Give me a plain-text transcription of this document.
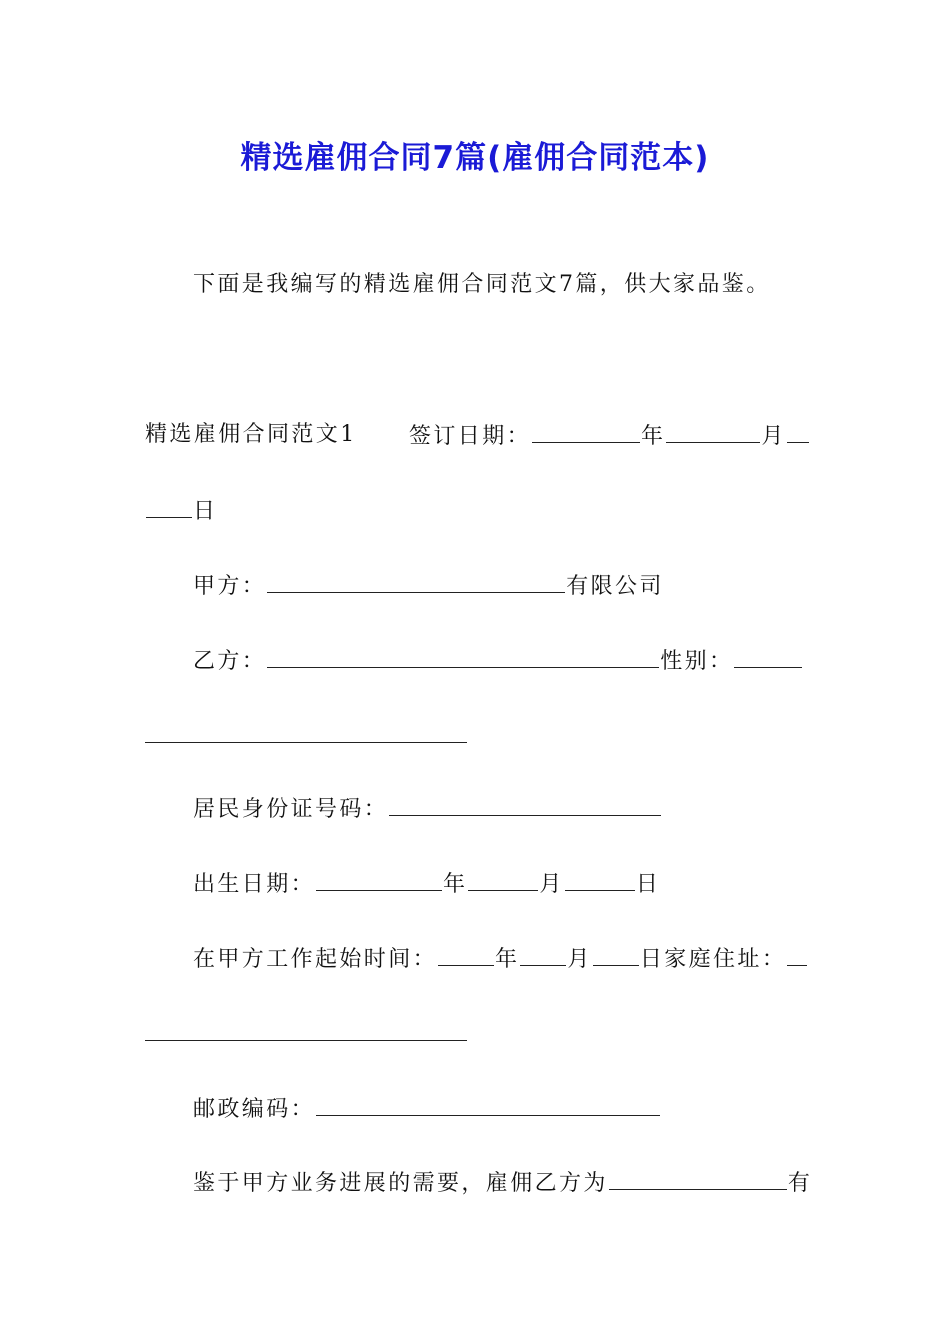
精选雇佣合同7篇(雇佣合同范本)
下面是我编写的精选雇佣合同范文7篇，供大家品鉴。
精选雇佣合同范文1 签订日期：	年	月
日
甲方：	有限公司
乙方：	性别：
居民身份证号码：
出生日期：	年	月	日
在甲方工作起始时间：	年 月 日家庭住址：
邮政编码：
鉴于甲方业务进展的需要，雇佣乙方为	有
